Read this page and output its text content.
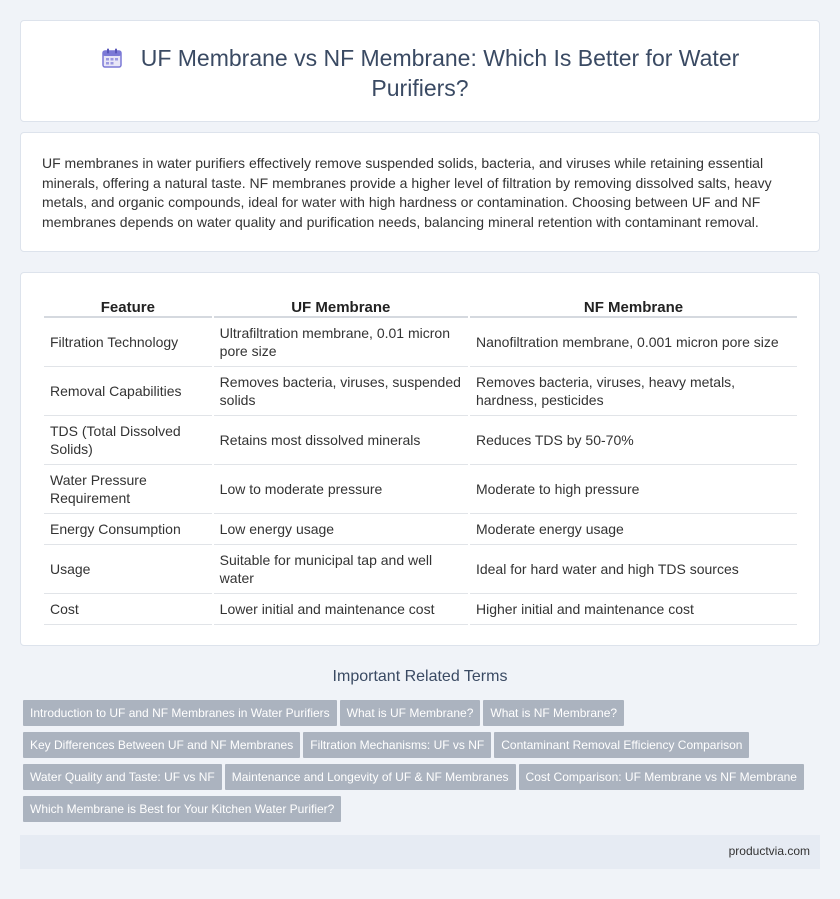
UF Membrane vs NF Membrane: Which Is Better for Water Purifiers?

UF membranes in water purifiers effectively remove suspended solids, bacteria, and viruses while retaining essential minerals, offering a natural taste. NF membranes provide a higher level of filtration by removing dissolved salts, heavy metals, and organic compounds, ideal for water with high hardness or contamination. Choosing between UF and NF membranes depends on water quality and purification needs, balancing mineral retention with contaminant removal.

Feature	UF Membrane	NF Membrane
Filtration Technology	Ultrafiltration membrane, 0.01 micron pore size	Nanofiltration membrane, 0.001 micron pore size
Removal Capabilities	Removes bacteria, viruses, suspended solids	Removes bacteria, viruses, heavy metals, hardness, pesticides
TDS (Total Dissolved Solids)	Retains most dissolved minerals	Reduces TDS by 50-70%
Water Pressure Requirement	Low to moderate pressure	Moderate to high pressure
Energy Consumption	Low energy usage	Moderate energy usage
Usage	Suitable for municipal tap and well water	Ideal for hard water and high TDS sources
Cost	Lower initial and maintenance cost	Higher initial and maintenance cost
Important Related Terms
Introduction to UF and NF Membranes in Water Purifiers What is UF Membrane? What is NF Membrane?
Key Differences Between UF and NF Membranes Filtration Mechanisms: UF vs NF Contaminant Removal Efficiency Comparison
Water Quality and Taste: UF vs NF Maintenance and Longevity of UF & NF Membranes Cost Comparison: UF Membrane vs NF Membrane
Which Membrane is Best for Your Kitchen Water Purifier?
productvia.com
